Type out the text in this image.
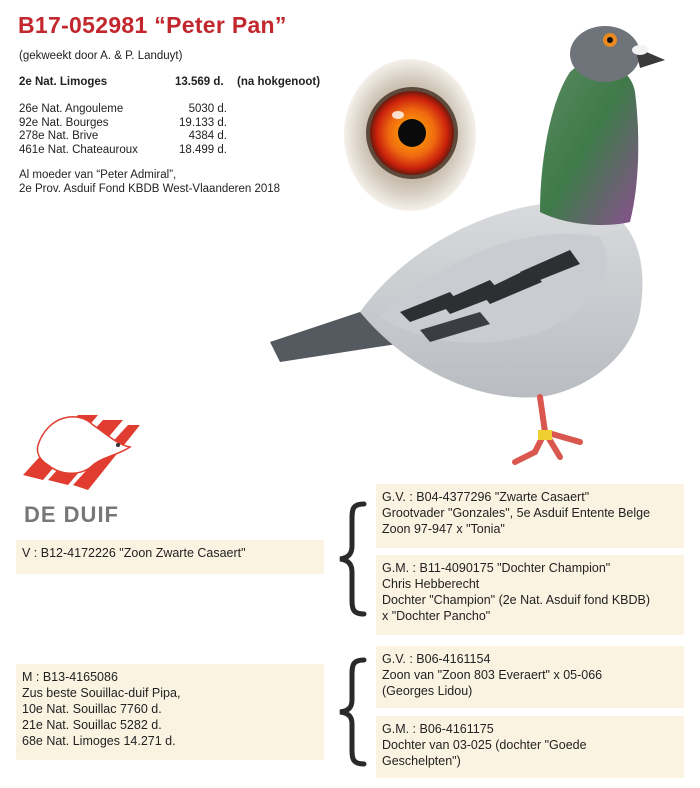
B17-052981 “Peter Pan”
(gekweekt door A. & P. Landuyt)
2e Nat. Limoges	13.569 d. (na hokgenoot)
26e Nat. Angouleme	5030 d.
92e Nat. Bourges	19.133 d.
278e Nat. Brive	4384 d.
461e Nat. Chateauroux	18.499 d.
Al moeder van “Peter Admiral”,
2e Prov. Asduif Fond KBDB West-Vlaanderen 2018
DE DUIF
V : B12-4172226 "Zoon Zwarte Casaert"
G.V. : B04-4377296 "Zwarte Casaert"
Grootvader "Gonzales", 5e Asduif Entente Belge
Zoon 97-947 x "Tonia"
G.M. : B11-4090175 "Dochter Champion"
Chris Hebberecht
Dochter "Champion" (2e Nat. Asduif fond KBDB)
x "Dochter Pancho"
M : B13-4165086
Zus beste Souillac-duif Pipa,
10e Nat. Souillac 7760 d.
21e Nat. Souillac 5282 d.
68e Nat. Limoges 14.271 d.
G.V. : B06-4161154
Zoon van "Zoon 803 Everaert" x 05-066
(Georges Lidou)
G.M. : B06-4161175
Dochter van 03-025 (dochter "Goede
Geschelpten")
